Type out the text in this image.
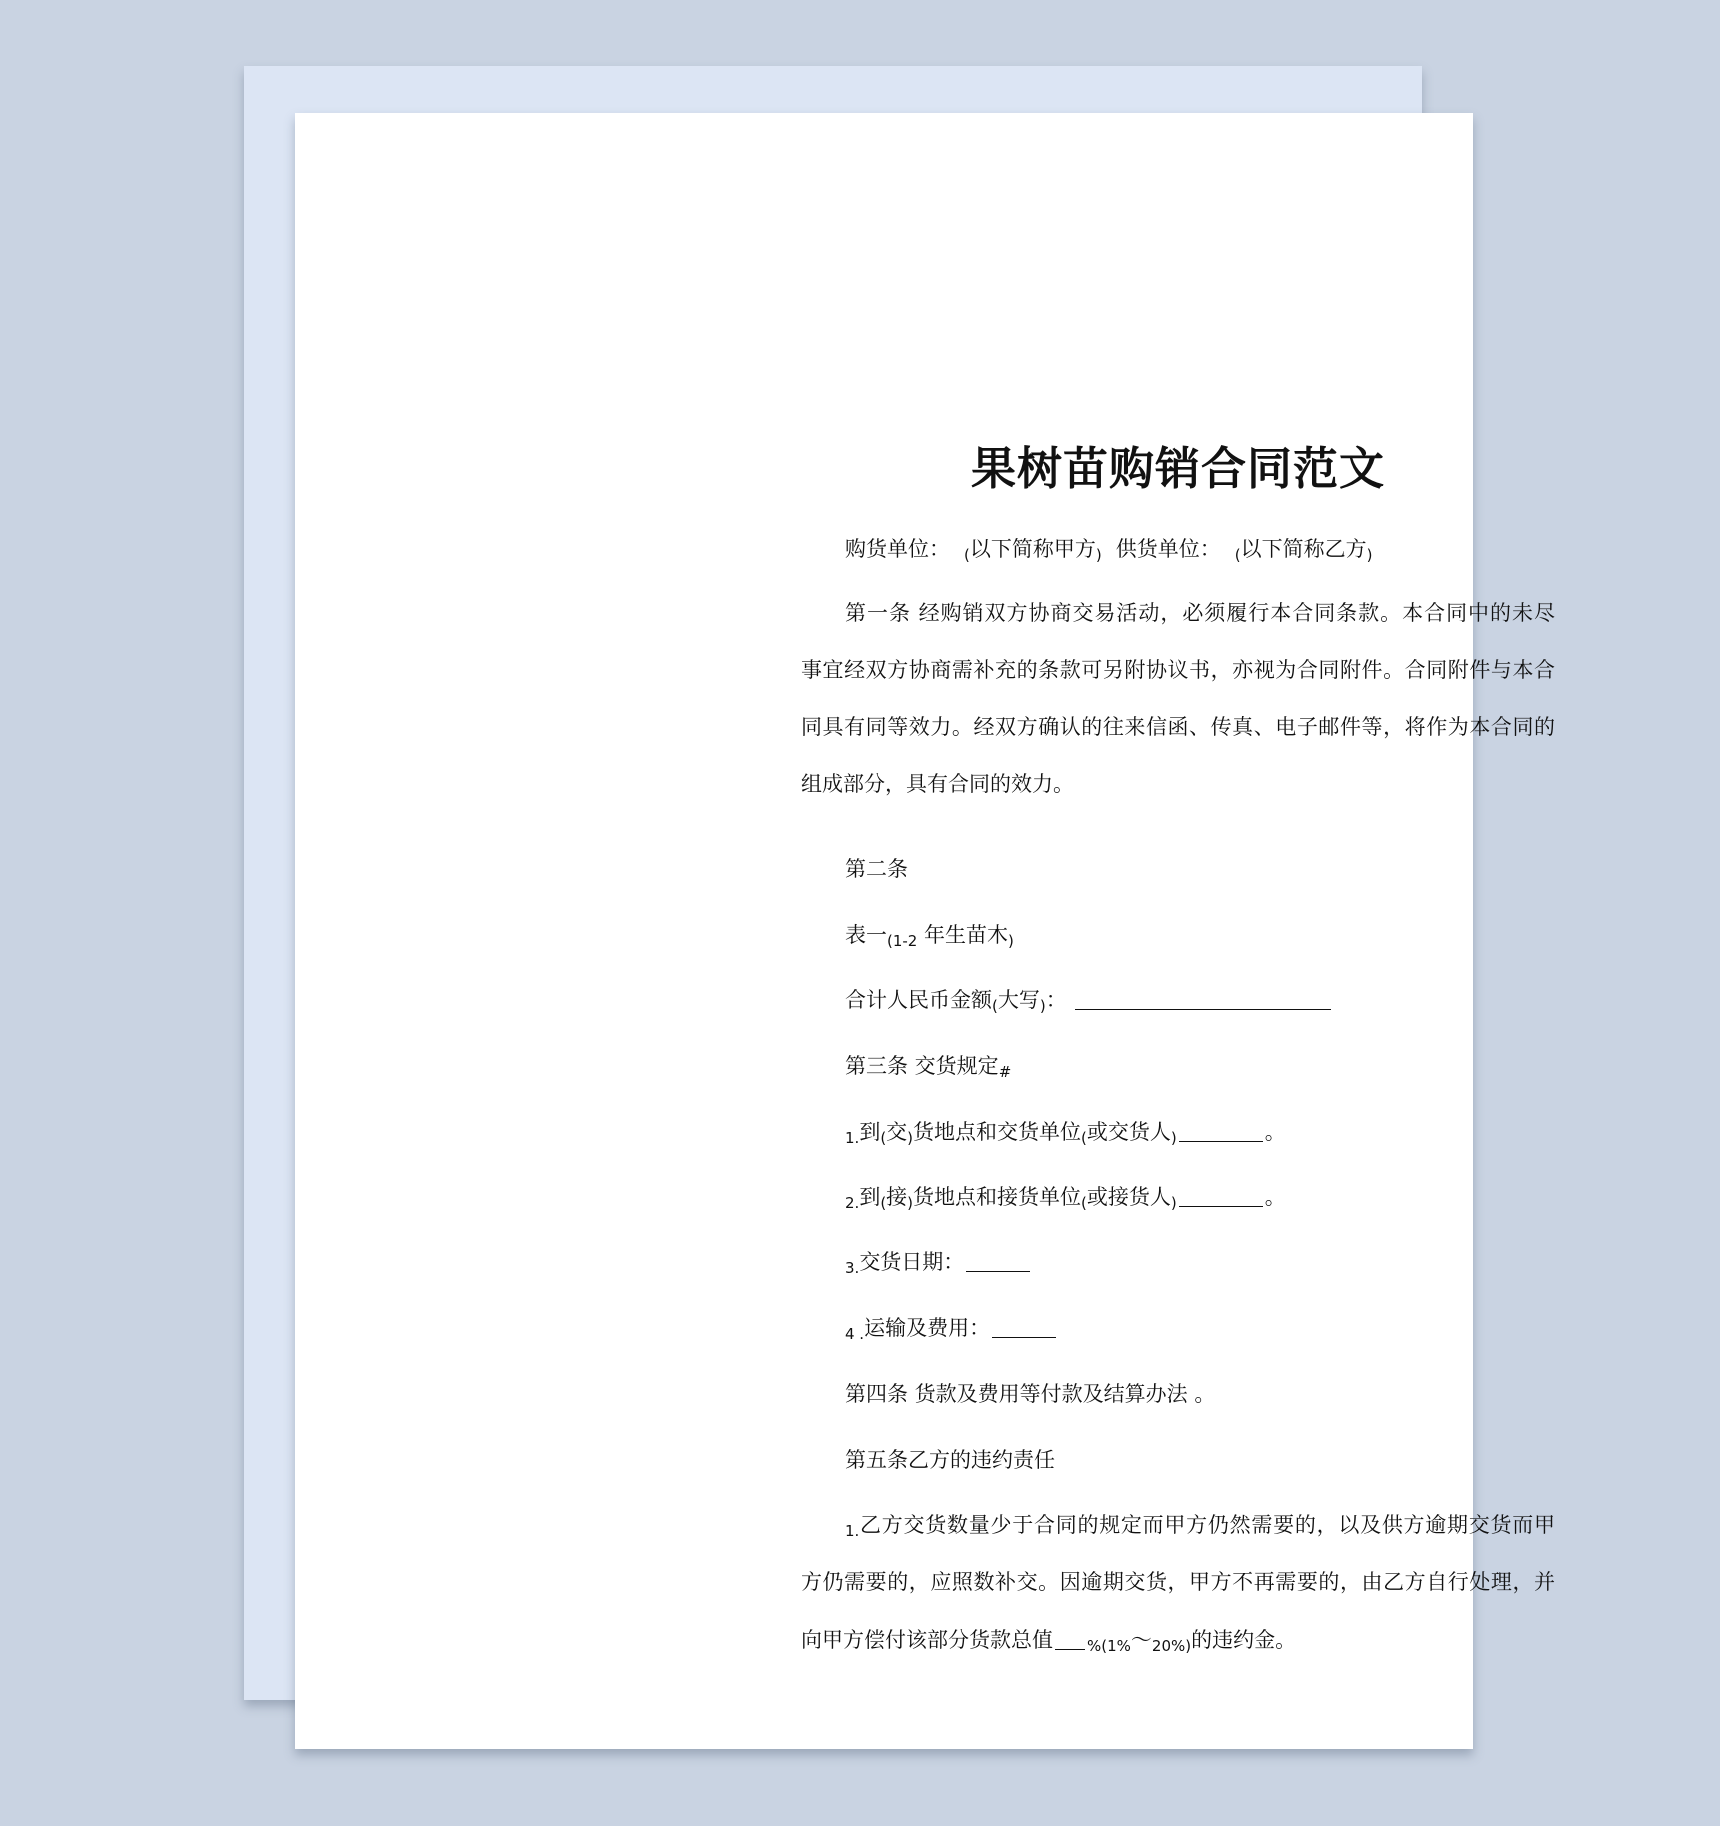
果树苗购销合同范文

购货单位： (以下简称甲方) 供货单位： (以下简称乙方)

第一条 经购销双方协商交易活动，必须履行本合同条款。本合同中的未尽

事宜经双方协商需补充的条款可另附协议书，亦视为合同附件。合同附件与本合

同具有同等效力。经双方确认的往来信函、传真、电子邮件等，将作为本合同的

组成部分，具有合同的效力。

第二条

表一(1-2 年生苗木)

合计人民币金额(大写)：

第三条 交货规定#

1.到(交)货地点和交货单位(或交货人)	。

2.到(接)货地点和接货单位(或接货人)	。

3.交货日期：

4 .运输及费用：

第四条 货款及费用等付款及结算办法 。

第五条乙方的违约责任

1.乙方交货数量少于合同的规定而甲方仍然需要的，以及供方逾期交货而甲

方仍需要的，应照数补交。因逾期交货，甲方不再需要的，由乙方自行处理，并

向甲方偿付该部分货款总值 %(1%〜20%)的违约金。
